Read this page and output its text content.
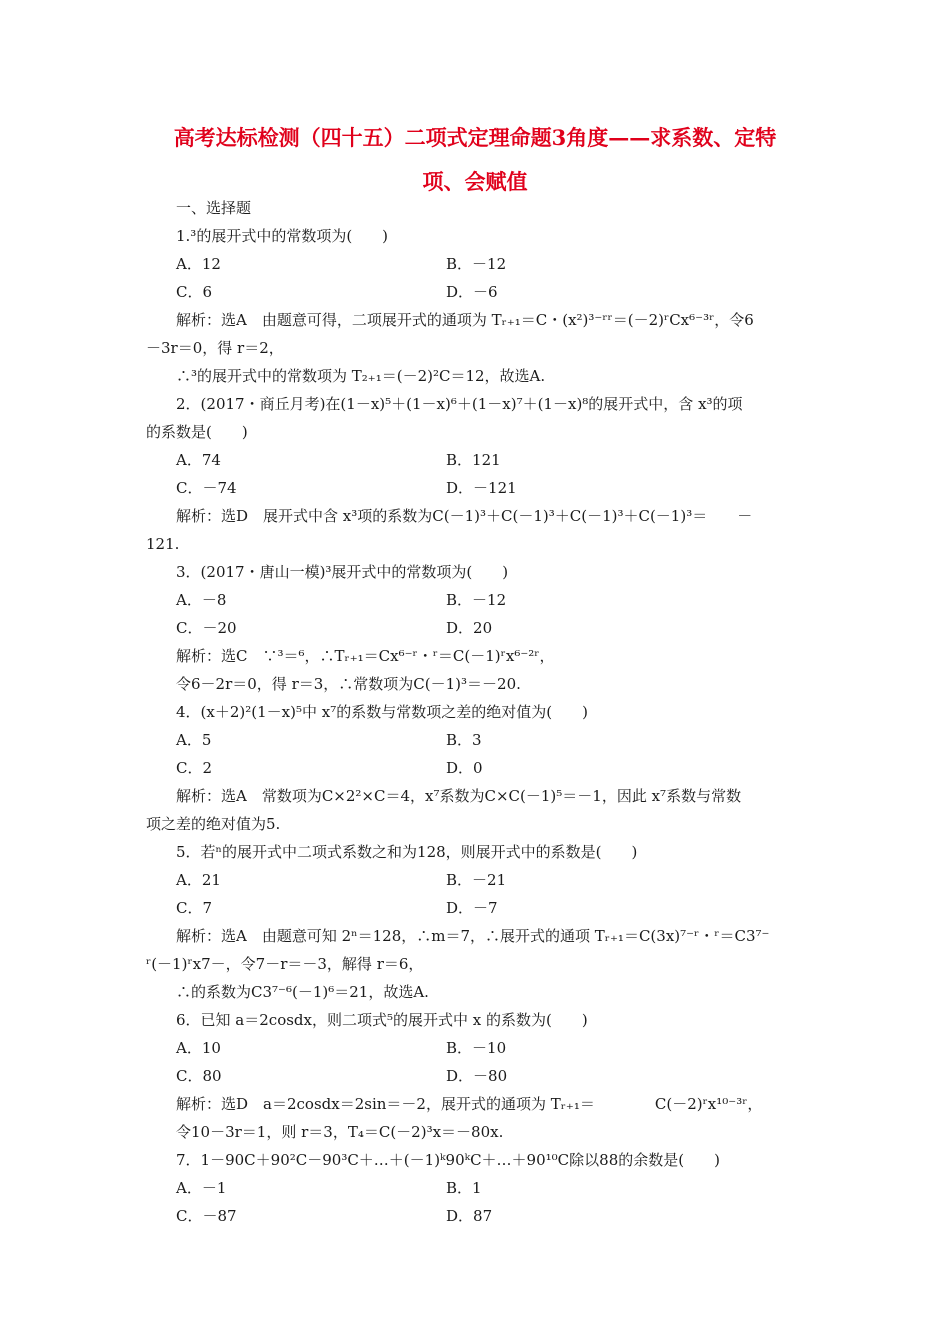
高考达标检测（四十五）二项式定理命题3角度——求系数、定特
项、会赋值
一、选择题
1.³的展开式中的常数项为(　　)
A．12	B．－12
C．6	D．－6
解析：选A　由题意可得，二项展开式的通项为 Tᵣ₊₁＝C・(x²)³⁻ʳʳ＝(－2)ʳCx⁶⁻³ʳ，令6
－3r＝0，得 r＝2，
∴³的展开式中的常数项为 T₂₊₁＝(－2)²C＝12，故选A.
2．(2017・商丘月考)在(1－x)⁵＋(1－x)⁶＋(1－x)⁷＋(1－x)⁸的展开式中，含 x³的项
的系数是(　　)
A．74	B．121
C．－74	D．－121
解析：选D　展开式中含 x³项的系数为C(－1)³＋C(－1)³＋C(－1)³＋C(－1)³＝　　－
121.
3．(2017・唐山一模)³展开式中的常数项为(　　)
A．－8	B．－12
C．－20	D．20
解析：选C　∵³＝⁶，∴Tᵣ₊₁＝Cx⁶⁻ʳ・ʳ＝C(－1)ʳx⁶⁻²ʳ，
令6－2r＝0，得 r＝3，∴常数项为C(－1)³＝－20.
4．(x＋2)²(1－x)⁵中 x⁷的系数与常数项之差的绝对值为(　　)
A．5	B．3
C．2	D．0
解析：选A　常数项为C×2²×C＝4，x⁷系数为C×C(－1)⁵＝－1，因此 x⁷系数与常数
项之差的绝对值为5.
5．若ⁿ的展开式中二项式系数之和为128，则展开式中的系数是(　　)
A．21	B．－21
C．7	D．－7
解析：选A　由题意可知 2ⁿ＝128，∴m＝7，∴展开式的通项 Tᵣ₊₁＝C(3x)⁷⁻ʳ・ʳ＝C3⁷⁻
ʳ(－1)ʳx7－，令7－r＝－3，解得 r＝6，
∴的系数为C3⁷⁻⁶(－1)⁶＝21，故选A.
6．已知 a＝2cosdx，则二项式⁵的展开式中 x 的系数为(　　)
A．10	B．－10
C．80	D．－80
解析：选D　a＝2cosdx＝2sin＝－2，展开式的通项为 Tᵣ₊₁＝　　　　C(－2)ʳx¹⁰⁻³ʳ，
令10－3r＝1，则 r＝3，T₄＝C(－2)³x＝－80x.
7．1－90C＋90²C－90³C＋…＋(－1)ᵏ90ᵏC＋…＋90¹⁰C除以88的余数是(　　)
A．－1	B．1
C．－87	D．87
